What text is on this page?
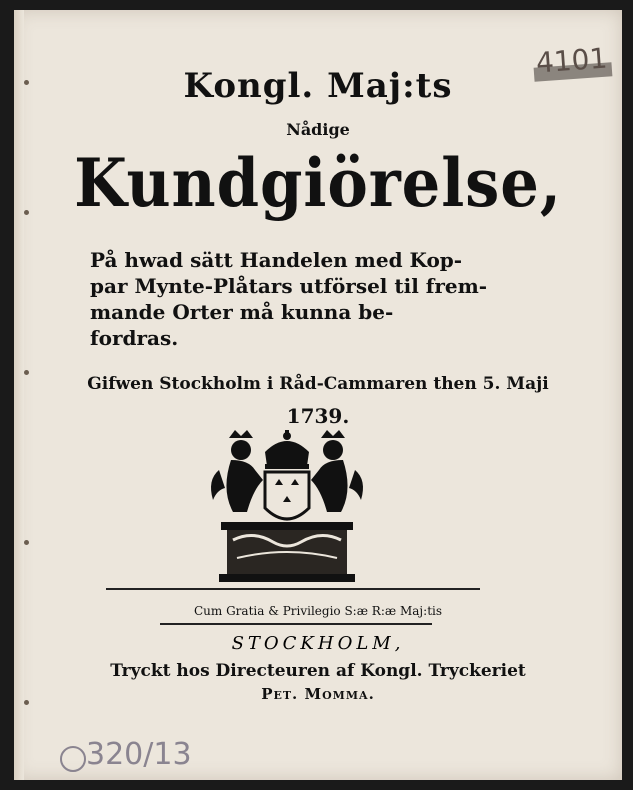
4101
Kongl. Maj:ts
Nådige
Kundgiörelse,
På hwad sätt Handelen med Kop-
par Mynte-Plåtars utförsel til frem-
mande Orter må kunna be-
fordras.
Gifwen Stockholm i Råd-Cammaren then 5. Maji
1739.
Cum Gratia & Privilegio S:æ R:æ Maj:tis
STOCKHOLM,
Tryckt hos Directeuren af Kongl. Tryckeriet
Pet. Momma.
320/13
